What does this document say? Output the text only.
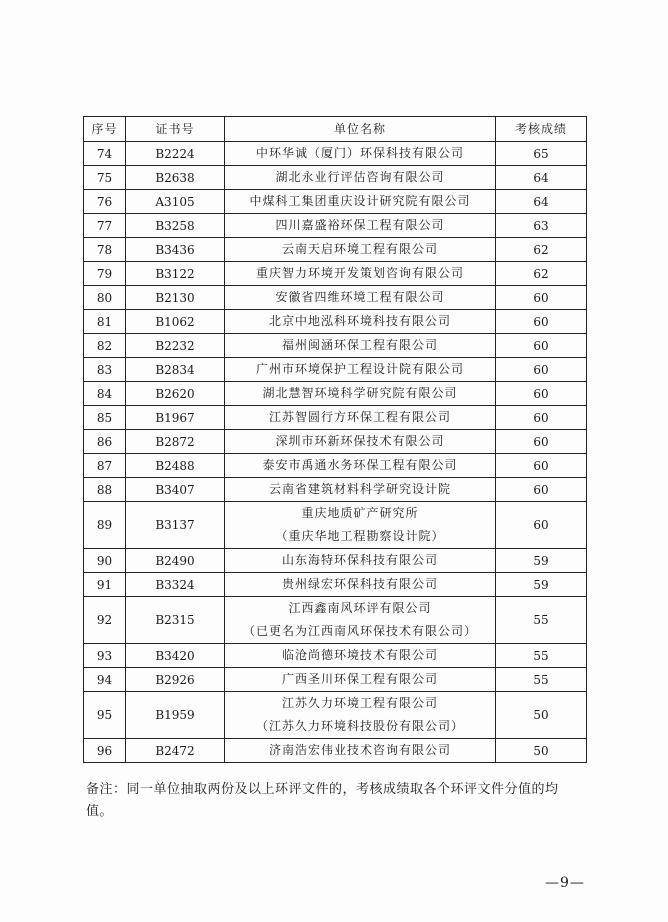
序号	证书号	单位名称	考核成绩
74	B2224	中环华诚（厦门）环保科技有限公司	65
75	B2638	湖北永业行评估咨询有限公司	64
76	A3105	中煤科工集团重庆设计研究院有限公司	64
77	B3258	四川嘉盛裕环保工程有限公司	63
78	B3436	云南天启环境工程有限公司	62
79	B3122	重庆智力环境开发策划咨询有限公司	62
80	B2130	安徽省四维环境工程有限公司	60
81	B1062	北京中地泓科环境科技有限公司	60
82	B2232	福州闽涵环保工程有限公司	60
83	B2834	广州市环境保护工程设计院有限公司	60
84	B2620	湖北慧智环境科学研究院有限公司	60
85	B1967	江苏智圆行方环保工程有限公司	60
86	B2872	深圳市环新环保技术有限公司	60
87	B2488	泰安市禹通水务环保工程有限公司	60
88	B3407	云南省建筑材料科学研究设计院	60
89	B3137	重庆地质矿产研究所
（重庆华地工程勘察设计院）	60
90	B2490	山东海特环保科技有限公司	59
91	B3324	贵州绿宏环保科技有限公司	59
92	B2315	江西鑫南风环评有限公司
（已更名为江西南风环保技术有限公司）	55
93	B3420	临沧尚德环境技术有限公司	55
94	B2926	广西圣川环保工程有限公司	55
95	B1959	江苏久力环境工程有限公司
（江苏久力环境科技股份有限公司）	50
96	B2472	济南浩宏伟业技术咨询有限公司	50
备注：同一单位抽取两份及以上环评文件的，考核成绩取各个环评文件分值的均值。
—9—
